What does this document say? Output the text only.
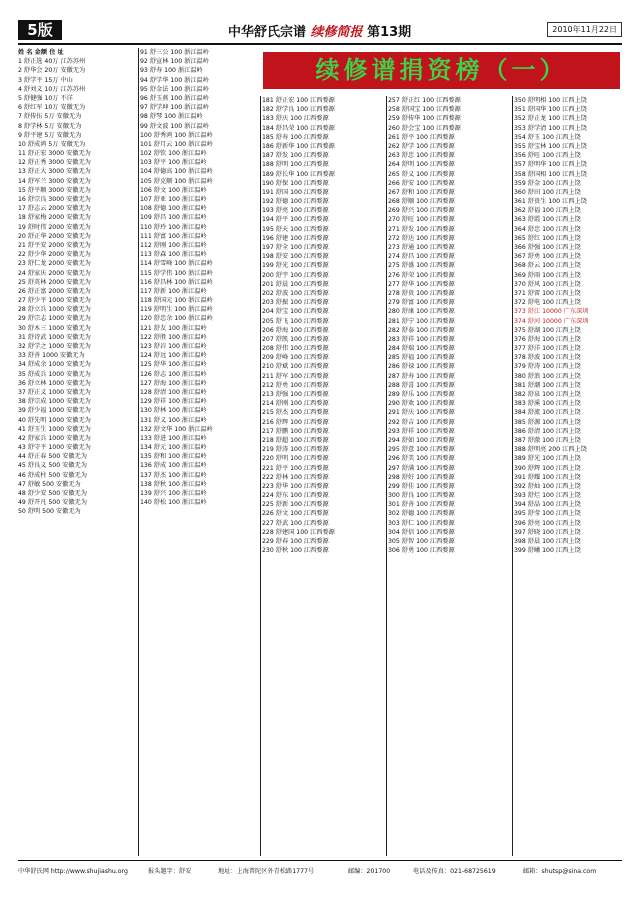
5版	中华舒氏宗谱 续修简报 第13期	2010年11月22日
续修谱捐资榜（一）
姓 名 金额 住 址
1 舒正选 40万 江苏苏州
2 舒华会 20万 安徽无为
3 舒学平 15万 中山
4 舒刘义 10万 江苏苏州
5 舒健强 10万 不详
6 舒红军 10万 安徽无为
7 舒传伍 5万 安徽无为
8 舒学林 5万 安徽无为
9 舒平建 5万 安徽无为
10 舒成鸿 5万 安徽无为
11 舒正宏 3000 安徽无为
12 舒正秀 3000 安徽无为
13 舒正大 3000 安徽无为
14 舒军兰 3000 安徽无为
15 舒平顺 3000 安徽无为
16 舒宗良 3000 安徽无为
17 舒志云 2000 安徽无为
18 舒家梅 2000 安徽无为
19 舒时伟 2000 安徽无为
20 舒正华 2000 安徽无为
21 舒平安 2000 安徽无为
22 舒少华 2000 安徽无为
23 舒仁龙 2000 安徽无为
24 舒家庆 2000 安徽无为
25 舒英林 2000 安徽无为
26 舒正富 2000 安徽无为
27 舒少平 1000 安徽无为
28 舒立兵 1000 安徽无为
29 舒宗志 1000 安徽无为
30 舒木三 1000 安徽无为
31 舒诗武 1000 安徽无为
32 舒学之 1000 安徽无为
33 舒善 1000 安徽无为
34 舒成余 1000 安徽无为
35 舒成兵 1000 安徽无为
36 舒立林 1000 安徽无为
37 舒正义 1000 安徽无为
38 舒宗成 1000 安徽无为
39 舒少福 1000 安徽无为
40 舒先明 1000 安徽无为
41 舒玉生 1000 安徽无为
42 舒家兵 1000 安徽无为
43 舒守平 1000 安徽无为
44 舒正春 500 安徽无为
45 舒良义 500 安徽无为
46 舒成柱 500 安徽无为
47 舒敏 500 安徽无为
48 舒少安 500 安徽无为
49 舒开凡 500 安徽无为
50 舒明 500 安徽无为
91 舒三公 100 浙江温岭
92 舒宣林 100 浙江温岭
93 舒寿 100 浙江温岭
94 舒学华 100 浙江温岭
95 舒金法 100 浙江温岭
96 舒玉燕 100 浙江温岭
97 舒学坤 100 浙江温岭
98 舒琴 100 浙江温岭
99 舒文波 100 浙江温岭
100 舒秀鸿 100 浙江温岭
101 舒月云 100 浙江温岭
102 舒钦 100 浙江温岭
103 舒平 100 浙江温岭
104 舒德高 100 浙江温岭
105 舒克顺 100 浙江温岭
106 舒文 100 浙江温岭
107 舒亚 100 浙江温岭
108 舒德 100 浙江温岭
109 舒昌 100 浙江温岭
110 舒玲 100 浙江温岭
111 舒富 100 浙江温岭
112 舒刚 100 浙江温岭
113 舒森 100 浙江温岭
114 舒雪峰 100 浙江温岭
115 舒学伟 100 浙江温岭
116 舒昌林 100 浙江温岭
117 舒新 100 浙江温岭
118 舒国元 100 浙江温岭
119 舒明生 100 浙江温岭
120 舒忠余 100 浙江温岭
121 舒友 100 浙江温岭
122 舒胜 100 浙江温岭
123 舒岩 100 浙江温岭
124 舒远 100 浙江温岭
125 舒华 100 浙江温岭
126 舒志 100 浙江温岭
127 舒海 100 浙江温岭
128 舒清 100 浙江温岭
129 舒祥 100 浙江温岭
130 舒林 100 浙江温岭
131 舒义 100 浙江温岭
132 舒文华 100 浙江温岭
133 舒进 100 浙江温岭
134 舒元 100 浙江温岭
135 舒和 100 浙江温岭
136 舒成 100 浙江温岭
137 舒杰 100 浙江温岭
138 舒秋 100 浙江温岭
139 舒兴 100 浙江温岭
140 舒松 100 浙江温岭
181 舒正宏 100 江西婺源
182 舒学良 100 江西婺源
183 舒庆 100 江西婺源
184 舒昌荣 100 江西婺源
185 舒寿 100 江西婺源
186 舒新华 100 江西婺源
187 舒发 100 江西婺源
188 舒明 100 江西婺源
189 舒长华 100 江西婺源
190 舒保 100 江西婺源
191 舒国 100 江西婺源
192 舒德 100 江西婺源
193 舒亮 100 江西婺源
194 舒平 100 江西婺源
195 舒天 100 江西婺源
196 舒建 100 江西婺源
197 舒全 100 江西婺源
198 舒安 100 江西婺源
199 舒光 100 江西婺源
200 舒宇 100 江西婺源
201 舒晨 100 江西婺源
202 舒波 100 江西婺源
203 舒振 100 江西婺源
204 舒宝 100 江西婺源
205 舒飞 100 江西婺源
206 舒海 100 江西婺源
207 舒凯 100 江西婺源
208 舒伟 100 江西婺源
209 舒峰 100 江西婺源
210 舒斌 100 江西婺源
211 舒军 100 江西婺源
212 舒勇 100 江西婺源
213 舒强 100 江西婺源
214 舒刚 100 江西婺源
215 舒杰 100 江西婺源
216 舒辉 100 江西婺源
217 舒鹏 100 江西婺源
218 舒超 100 江西婺源
219 舒涛 100 江西婺源
220 舒明 100 江西婺源
221 舒平 100 江西婺源
222 舒林 100 江西婺源
223 舒华 100 江西婺源
224 舒东 100 江西婺源
225 舒新 100 江西婺源
226 舒文 100 江西婺源
227 舒武 100 江西婺源
228 舒建国 100 江西婺源
229 舒春 100 江西婺源
230 舒秋 100 江西婺源
257 舒正红 100 江西婺源
258 舒国宝 100 江西婺源
259 舒传华 100 江西婺源
260 舒会宝 100 江西婺源
261 舒平 100 江西婺源
262 舒学 100 江西婺源
263 舒忠 100 江西婺源
264 舒明 100 江西婺源
265 舒义 100 江西婺源
266 舒安 100 江西婺源
267 舒和 100 江西婺源
268 舒顺 100 江西婺源
269 舒兴 100 江西婺源
270 舒旺 100 江西婺源
271 舒发 100 江西婺源
272 舒达 100 江西婺源
273 舒通 100 江西婺源
274 舒昌 100 江西婺源
275 舒盛 100 江西婺源
276 舒荣 100 江西婺源
277 舒华 100 江西婺源
278 舒贵 100 江西婺源
279 舒富 100 江西婺源
280 舒康 100 江西婺源
281 舒宁 100 江西婺源
282 舒泰 100 江西婺源
283 舒祥 100 江西婺源
284 舒瑞 100 江西婺源
285 舒福 100 江西婺源
286 舒禄 100 江西婺源
287 舒寿 100 江西婺源
288 舒喜 100 江西婺源
289 舒乐 100 江西婺源
290 舒欢 100 江西婺源
291 舒庆 100 江西婺源
292 舒吉 100 江西婺源
293 舒祥 100 江西婺源
294 舒如 100 江西婺源
295 舒意 100 江西婺源
296 舒美 100 江西婺源
297 舒满 100 江西婺源
298 舒好 100 江西婺源
299 舒佳 100 江西婺源
300 舒良 100 江西婺源
301 舒善 100 江西婺源
302 舒德 100 江西婺源
303 舒仁 100 江西婺源
304 舒信 100 江西婺源
305 舒智 100 江西婺源
306 舒勇 100 江西婺源
350 舒明相 100 江西上饶
351 舒国华 100 江西上饶
352 舒正龙 100 江西上饶
353 舒学清 100 江西上饶
354 舒玉 100 江西上饶
355 舒宝林 100 江西上饶
356 舒旺 100 江西上饶
357 舒明华 100 江西上饶
358 舒国相 100 江西上饶
359 舒金 100 江西上饶
360 舒田 100 江西上饶
361 舒贵生 100 江西上饶
362 舒福 100 江西上饶
363 舒霞 100 江西上饶
364 舒忠 100 江西上饶
365 舒红 100 江西上饶
366 舒强 100 江西上饶
367 舒勇 100 江西上饶
368 舒云 100 江西上饶
369 舒雨 100 江西上饶
370 舒风 100 江西上饶
371 舒雷 100 江西上饶
372 舒电 100 江西上饶
373 舒江 10000 广东深圳
374 舒河 10000 广东深圳
375 舒湖 100 江西上饶
376 舒海 100 江西上饶
377 舒洋 100 江西上饶
378 舒波 100 江西上饶
379 舒涛 100 江西上饶
380 舒浪 100 江西上饶
381 舒潮 100 江西上饶
382 舒泉 100 江西上饶
383 舒溪 100 江西上饶
384 舒流 100 江西上饶
385 舒源 100 江西上饶
386 舒清 100 江西上饶
387 舒澈 100 江西上饶
388 舒明亮 200 江西上饶
389 舒光 100 江西上饶
390 舒辉 100 江西上饶
391 舒耀 100 江西上饶
392 舒灿 100 江西上饶
393 舒烂 100 江西上饶
394 舒晶 100 江西上饶
395 舒莹 100 江西上饶
396 舒亮 100 江西上饶
397 舒晓 100 江西上饶
398 舒晨 100 江西上饶
399 舒曦 100 江西上饶
中华舒氏网 http://www.shujiashu.org	报头题字：舒安	地址：上海普陀区外青松路1777号	邮编：201700	电话及传真：021-68725619	邮箱：shutsp@sina.com
